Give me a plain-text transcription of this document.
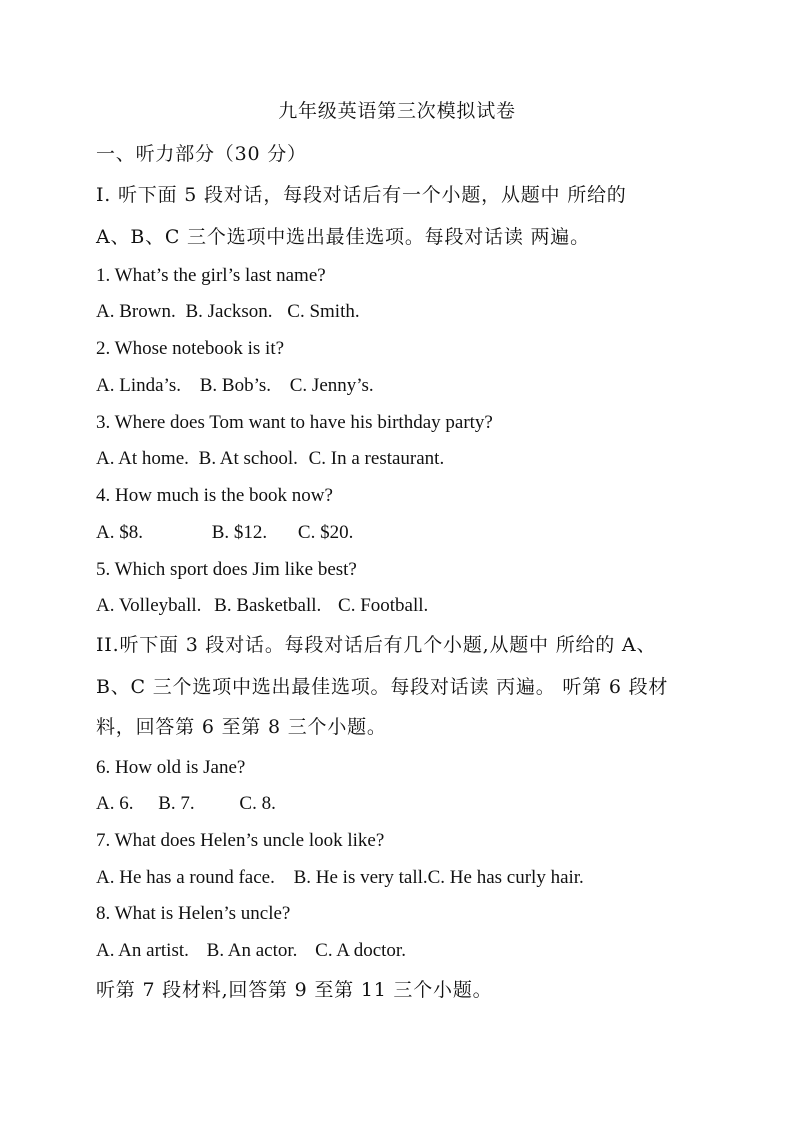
九年级英语第三次模拟试卷
一、听力部分（30 分）
I. 听下面 5 段对话，每段对话后有一个小题，从题中 所给的
A、B、C 三个选项中选出最佳选项。每段对话读 两遍。
1. What’s the girl’s last name?
A. Brown. B. Jackson. C. Smith.
2. Whose notebook is it?
A. Linda’s. B. Bob’s. C. Jenny’s.
3. Where does Tom want to have his birthday party?
A. At home. B. At school. C. In a restaurant.
4. How much is the book now?
A. $8.	B. $12. C. $20.
5. Which sport does Jim like best?
A. Volleyball. B. Basketball. C. Football.
II.听下面 3 段对话。每段对话后有几个小题,从题中 所给的 A、
B、C 三个选项中选出最佳选项。每段对话读 丙遍。 听第 6 段材
料，回答第 6 至第 8 三个小题。
6. How old is Jane?
A. 6. B. 7. C. 8.
7. What does Helen’s uncle look like?
A. He has a round face. B. He is very tall.C. He has curly hair.
8. What is Helen’s uncle?
A. An artist. B. An actor. C. A doctor.
听第 7 段材料,回答第 9 至第 11 三个小题。
